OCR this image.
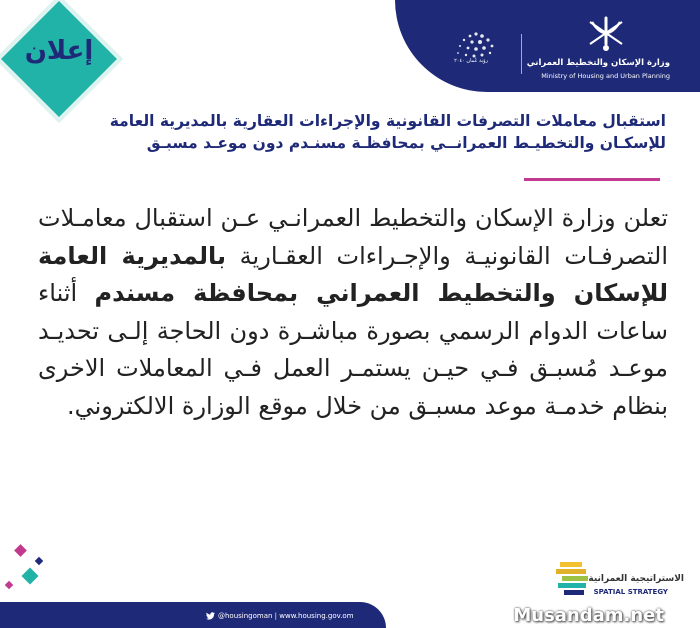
وزارة الإسكان والتخطيط العمراني
Ministry of Housing and Urban Planning
رؤية عُمان ٢٠٤٠
إعلان
استقبال معاملات التصرفات القانونية والإجراءات العقارية بالمديرية العامة
للإسكـان والتخطيـط العمرانــي بمحافظـة مسنـدم دون موعـد مسبـق
تعلن وزارة الإسكان والتخطيط العمرانـي عـن استقبال معامـلات التصرفـات القانونيـة والإجـراءات العقـارية بالمديرية العامة للإسكان والتخطيط العمراني بمحافظة مسندم أثناء ساعات الدوام الرسمي بصورة مباشـرة دون الحاجة إلـى تحديـد موعـد مُسبـق فـي حيـن يستمـر العمل فـي المعاملات الاخرى بنظام خدمـة موعد مسبـق من خلال موقع الوزارة الالكتروني.
@housingoman | www.housing.gov.om
الاستراتيجية العمرانية
SPATIAL STRATEGY
Musandam.net
